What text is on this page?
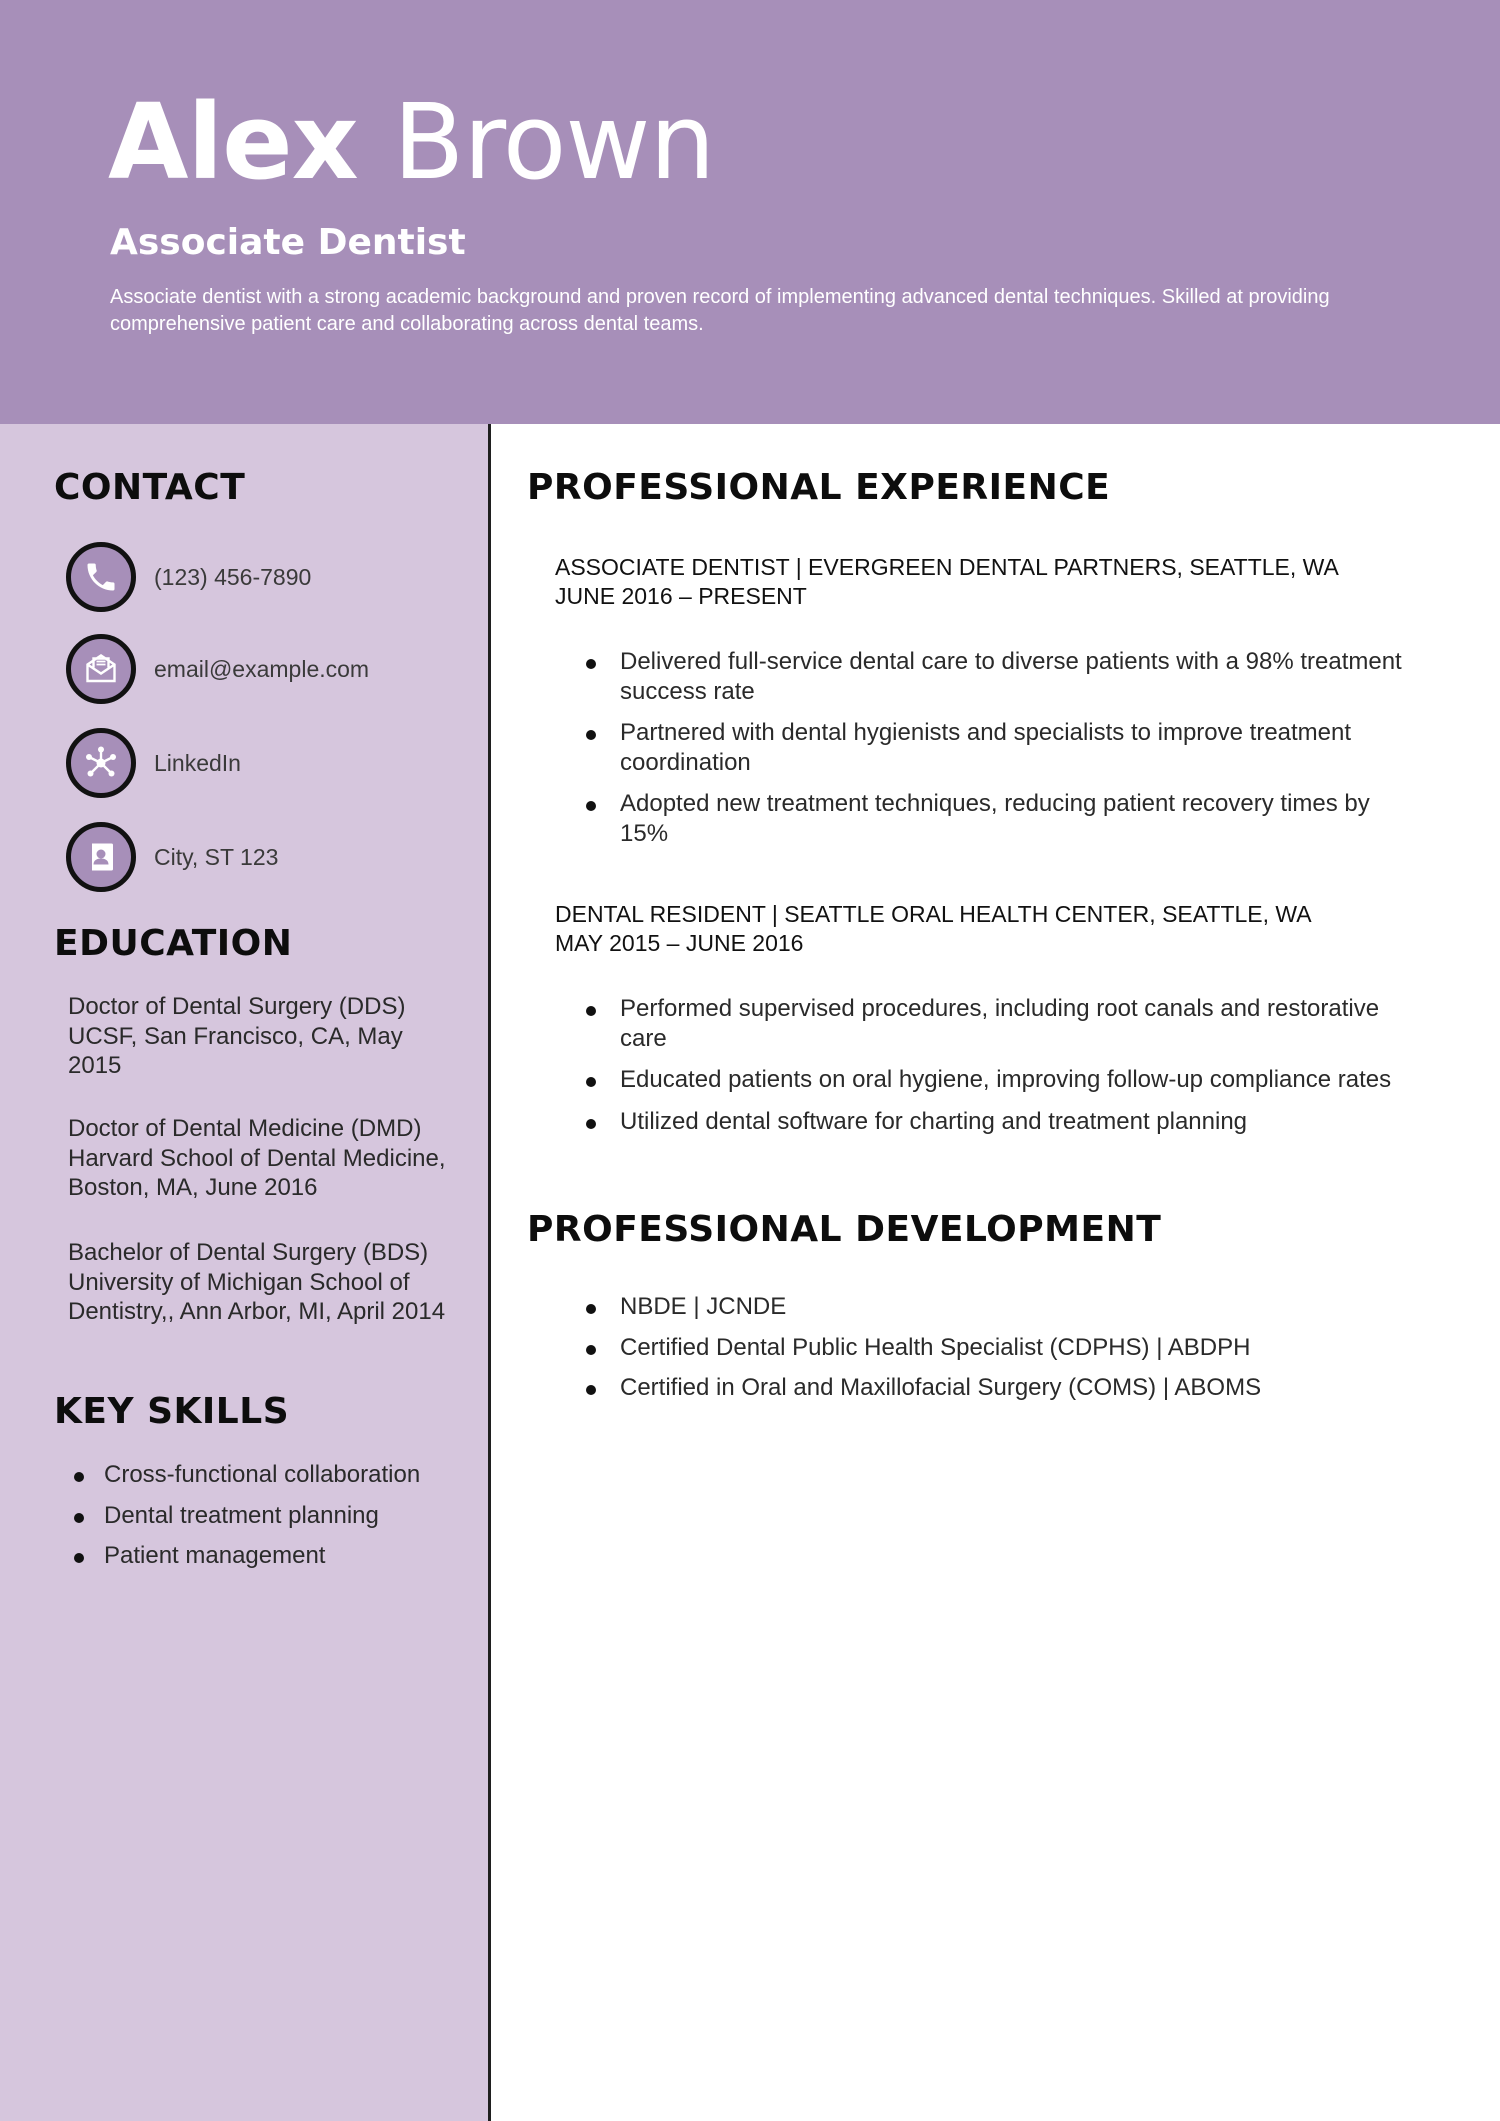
Alex Brown
Associate Dentist

Associate dentist with a strong academic background and proven record of implementing advanced dental techniques. Skilled at providing comprehensive patient care and collaborating across dental teams.

CONTACT
(123) 456-7890
email@example.com
LinkedIn
City, ST 123
EDUCATION

Doctor of Dental Surgery (DDS) UCSF, San Francisco, CA, May 2015

Doctor of Dental Medicine (DMD) Harvard School of Dental Medicine, Boston, MA, June 2016

Bachelor of Dental Surgery (BDS) University of Michigan School of Dentistry,, Ann Arbor, MI, April 2014

KEY SKILLS
Cross-functional collaboration
Dental treatment planning
Patient management
PROFESSIONAL EXPERIENCE
ASSOCIATE DENTIST | EVERGREEN DENTAL PARTNERS, SEATTLE, WA
JUNE 2016 – PRESENT
Delivered full-service dental care to diverse patients with a 98% treatment success rate
Partnered with dental hygienists and specialists to improve treatment coordination
Adopted new treatment techniques, reducing patient recovery times by 15%
DENTAL RESIDENT | SEATTLE ORAL HEALTH CENTER, SEATTLE, WA
MAY 2015 – JUNE 2016
Performed supervised procedures, including root canals and restorative care
Educated patients on oral hygiene, improving follow-up compliance rates
Utilized dental software for charting and treatment planning
PROFESSIONAL DEVELOPMENT
NBDE | JCNDE
Certified Dental Public Health Specialist (CDPHS) | ABDPH
Certified in Oral and Maxillofacial Surgery (COMS) | ABOMS
